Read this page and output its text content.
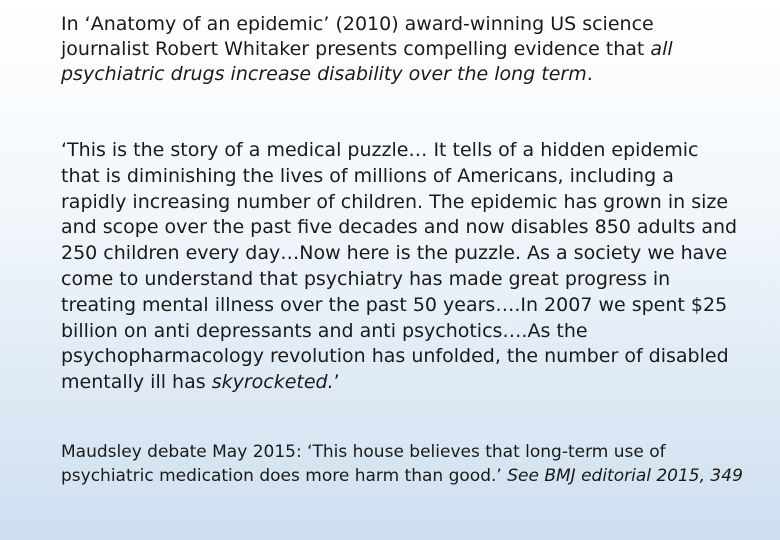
In ‘Anatomy of an epidemic’ (2010) award-winning US science journalist Robert Whitaker presents compelling evidence that all psychiatric drugs increase disability over the long term.

‘This is the story of a medical puzzle… It tells of a hidden epidemic that is diminishing the lives of millions of Americans, including a rapidly increasing number of children. The epidemic has grown in size and scope over the past five decades and now disables 850 adults and 250 children every day…Now here is the puzzle. As a society we have come to understand that psychiatry has made great progress in treating mental illness over the past 50 years….In 2007 we spent $25 billion on anti depressants and anti psychotics….As the psychopharmacology revolution has unfolded, the number of disabled mentally ill has skyrocketed.’

Maudsley debate May 2015: ‘This house believes that long-term use of psychiatric medication does more harm than good.’ See BMJ editorial 2015, 349
